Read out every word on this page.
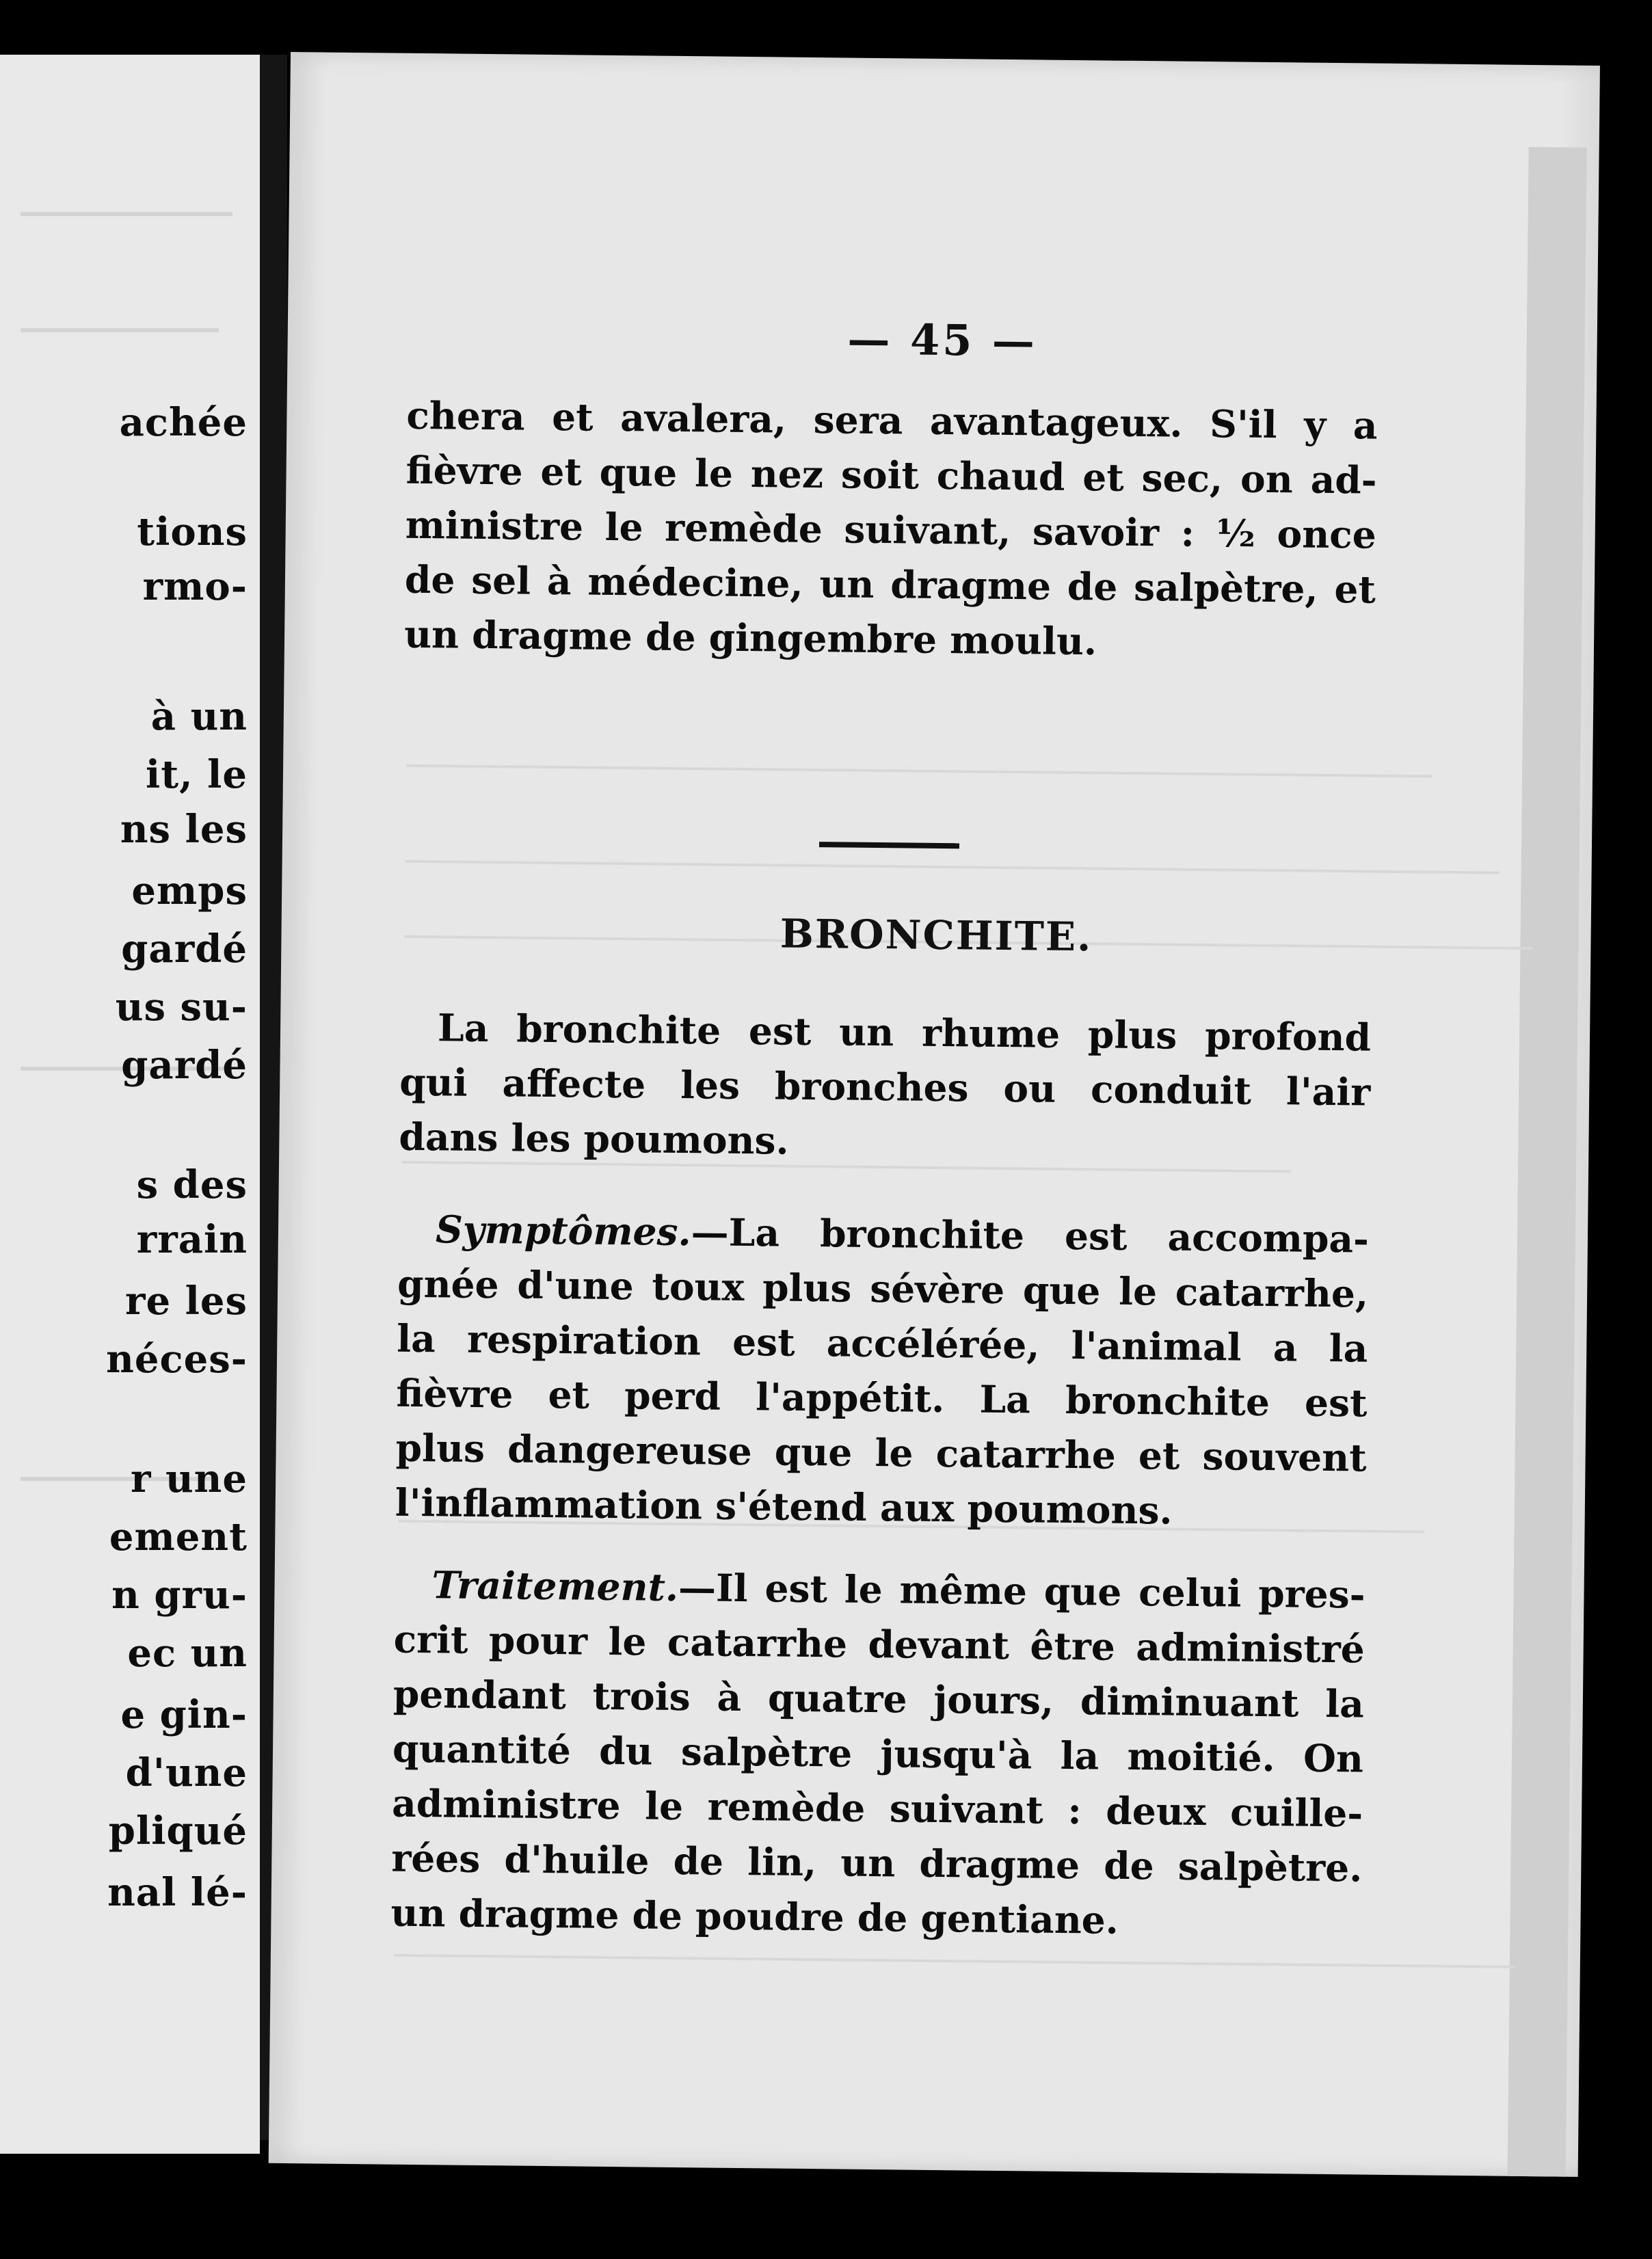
achée
tions
rmo-
à un
it, le
ns les
emps
gardé
us su-
gardé
s des
rrain
re les
néces-
r une
ement
n gru-
ec un
e gin-
d'une
pliqué
nal lé-
— 45 —
chera et avalera, sera avantageux. S'il y a
fièvre et que le nez soit chaud et sec, on ad-
ministre le remède suivant, savoir : ½ once
de sel à médecine, un dragme de salpètre, et
un dragme de gingembre moulu.
BRONCHITE.
La bronchite est un rhume plus profond
qui affecte les bronches ou conduit l'air
dans les poumons.
Symptômes.—La bronchite est accompa-
gnée d'une toux plus sévère que le catarrhe,
la respiration est accélérée, l'animal a la
fièvre et perd l'appétit. La bronchite est
plus dangereuse que le catarrhe et souvent
l'inflammation s'étend aux poumons.
Traitement.—Il est le même que celui pres-
crit pour le catarrhe devant être administré
pendant trois à quatre jours, diminuant la
quantité du salpètre jusqu'à la moitié. On
administre le remède suivant : deux cuille-
rées d'huile de lin, un dragme de salpètre.
un dragme de poudre de gentiane.
